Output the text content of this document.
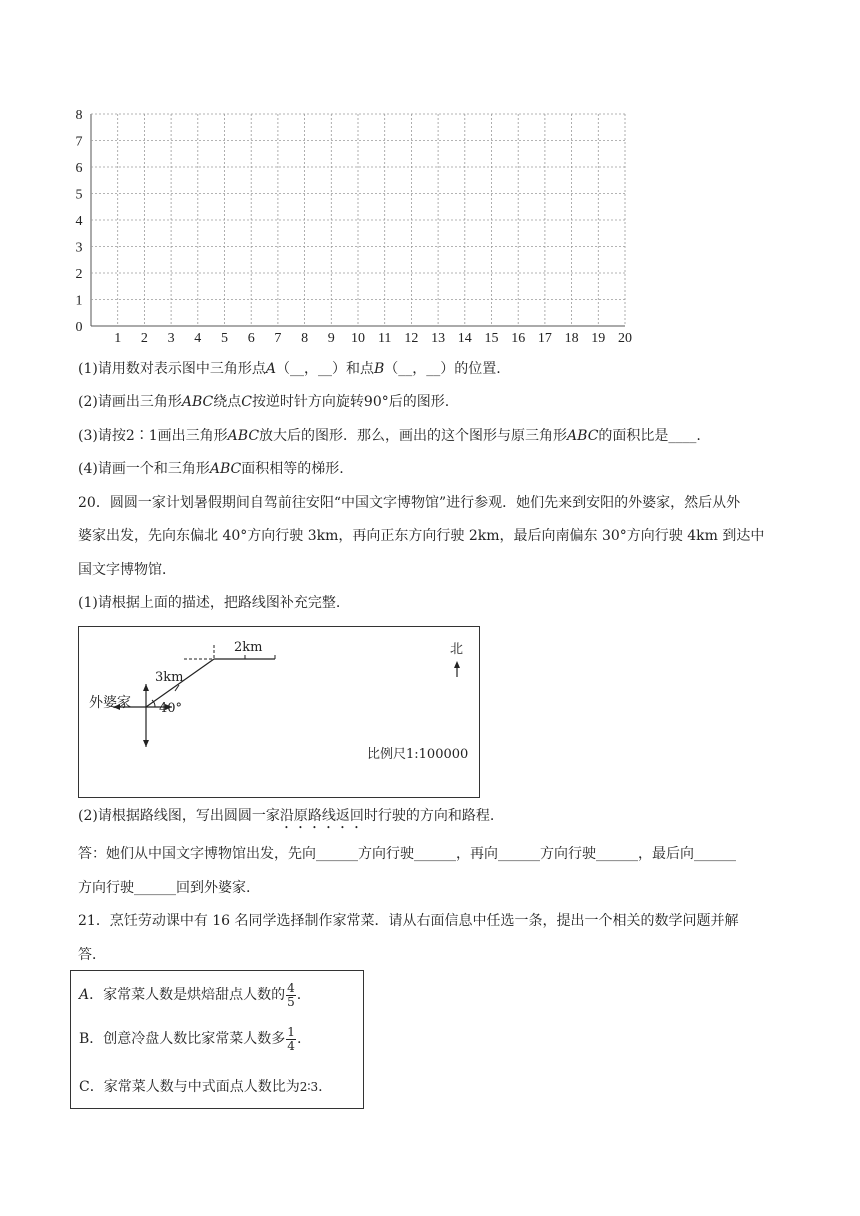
1 2 3 4 5 6 7 8 9 10 11 12 13 14 15 16 17 18 19 20
0
1
2
3
4
5
6
7
8
(1)请用数对表示图中三角形点A（__，__）和点B（__，__）的位置.
(2)请画出三角形ABC绕点C按逆时针方向旋转90°后的图形.
(3)请按2∶1画出三角形ABC放大后的图形．那么，画出的这个图形与原三角形ABC的面积比是____.
(4)请画一个和三角形ABC面积相等的梯形.
20．圆圆一家计划暑假期间自驾前往安阳“中国文字博物馆”进行参观．她们先来到安阳的外婆家，然后从外
婆家出发，先向东偏北 40°方向行驶 3km，再向正东方向行驶 2km，最后向南偏东 30°方向行驶 4km 到达中
国文字博物馆．
(1)请根据上面的描述，把路线图补充完整.
外婆家 40°
3km
2km	北
比例尺1:100000
(2)请根据路线图，写出圆圆一家沿原路线返回时行驶的方向和路程.
答：她们从中国文字博物馆出发，先向______方向行驶______，再向______方向行驶______，最后向______
方向行驶______回到外婆家.
21．烹饪劳动课中有 16 名同学选择制作家常菜．请从右面信息中任选一条，提出一个相关的数学问题并解
答．
A．家常菜人数是烘焙甜点人数的 $\frac{4}{5}$ .
B．创意冷盘人数比家常菜人数多 $\frac{1}{4}$ .
C．家常菜人数与中式面点人数比为2∶3.
